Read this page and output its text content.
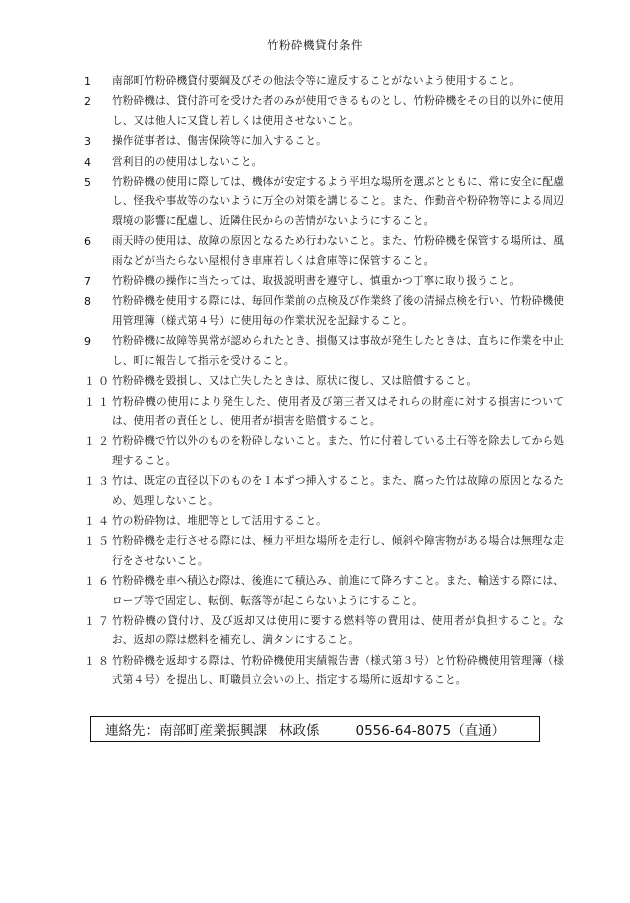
竹粉砕機貸付条件
1	南部町竹粉砕機貸付要綱及びその他法令等に違反することがないよう使用すること。
2	竹粉砕機は、貸付許可を受けた者のみが使用できるものとし、竹粉砕機をその目的以外に使用し、又は他人に又貸し若しくは使用させないこと。
3	操作従事者は、傷害保険等に加入すること。
4	営利目的の使用はしないこと。
5	竹粉砕機の使用に際しては、機体が安定するよう平坦な場所を選ぶとともに、常に安全に配慮し、怪我や事故等のないように万全の対策を講じること。また、作動音や粉砕物等による周辺環境の影響に配慮し、近隣住民からの苦情がないようにすること。
6	雨天時の使用は、故障の原因となるため行わないこと。また、竹粉砕機を保管する場所は、風雨などが当たらない屋根付き車庫若しくは倉庫等に保管すること。
7	竹粉砕機の操作に当たっては、取扱説明書を遵守し、慎重かつ丁寧に取り扱うこと。
8	竹粉砕機を使用する際には、毎回作業前の点検及び作業終了後の清掃点検を行い、竹粉砕機使用管理簿（様式第４号）に使用毎の作業状況を記録すること。
9	竹粉砕機に故障等異常が認められたとき、損傷又は事故が発生したときは、直ちに作業を中止し、町に報告して指示を受けること。
１０ 竹粉砕機を毀損し、又は亡失したときは、原状に復し、又は賠償すること。
１１ 竹粉砕機の使用により発生した、使用者及び第三者又はそれらの財産に対する損害については、使用者の責任とし、使用者が損害を賠償すること。
１２ 竹粉砕機で竹以外のものを粉砕しないこと。また、竹に付着している土石等を除去してから処理すること。
１３ 竹は、既定の直径以下のものを１本ずつ挿入すること。また、腐った竹は故障の原因となるため、処理しないこと。
１４ 竹の粉砕物は、堆肥等として活用すること。
１５ 竹粉砕機を走行させる際には、極力平坦な場所を走行し、傾斜や障害物がある場合は無理な走行をさせないこと。
１６ 竹粉砕機を車へ積込む際は、後進にて積込み、前進にて降ろすこと。また、輸送する際には、ロープ等で固定し、転倒、転落等が起こらないようにすること。
１７ 竹粉砕機の貸付け、及び返却又は使用に要する燃料等の費用は、使用者が負担すること。なお、返却の際は燃料を補充し、満タンにすること。
１８ 竹粉砕機を返却する際は、竹粉砕機使用実績報告書（様式第３号）と竹粉砕機使用管理簿（様式第４号）を提出し、町職員立会いの上、指定する場所に返却すること。
連絡先：南部町産業振興課 林政係	0556-64-8075（直通）
